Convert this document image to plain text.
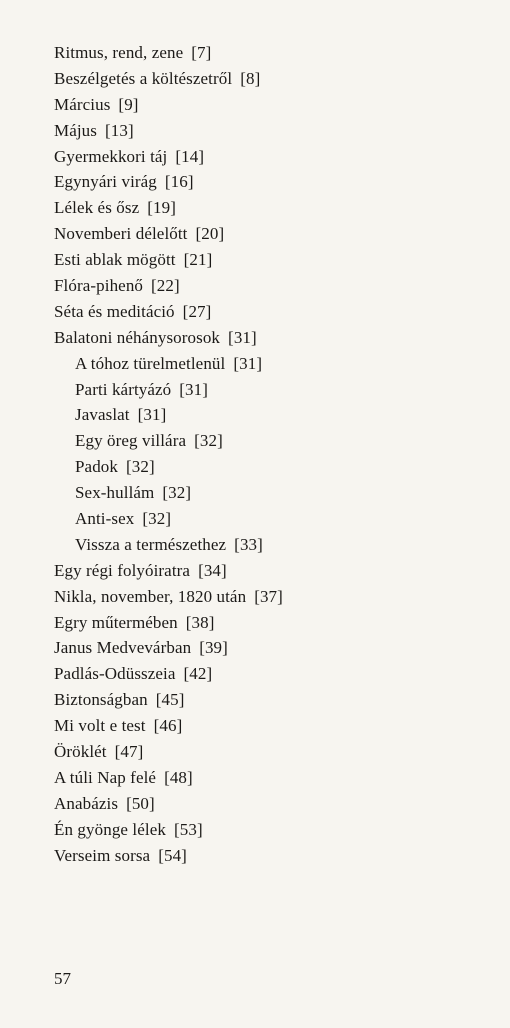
Ritmus, rend, zene [ 7 ]
Beszélgetés a költészetről [ 8 ]
Március [ 9 ]
Május [ 13 ]
Gyermekkori táj [ 14 ]
Egynyári virág [ 16 ]
Lélek és ősz [ 19 ]
Novemberi délelőtt [ 20 ]
Esti ablak mögött [ 21 ]
Flóra-pihenő [ 22 ]
Séta és meditáció [ 27 ]
Balatoni néhánysorosok [ 31 ]
A tóhoz türelmetlenül [ 31 ]
Parti kártyázó [ 31 ]
Javaslat [ 31 ]
Egy öreg villára [ 32 ]
Padok [ 32 ]
Sex-hullám [ 32 ]
Anti-sex [ 32 ]
Vissza a természethez [ 33 ]
Egy régi folyóiratra [ 34 ]
Nikla, november, 1820 után [ 37 ]
Egry műtermében [ 38 ]
Janus Medvevárban [ 39 ]
Padlás-Odüsszeia [ 42 ]
Biztonságban [ 45 ]
Mi volt e test [ 46 ]
Öröklét [ 47 ]
A túli Nap felé [ 48 ]
Anabázis [ 50 ]
Én gyönge lélek [ 53 ]
Verseim sorsa [ 54 ]
57
